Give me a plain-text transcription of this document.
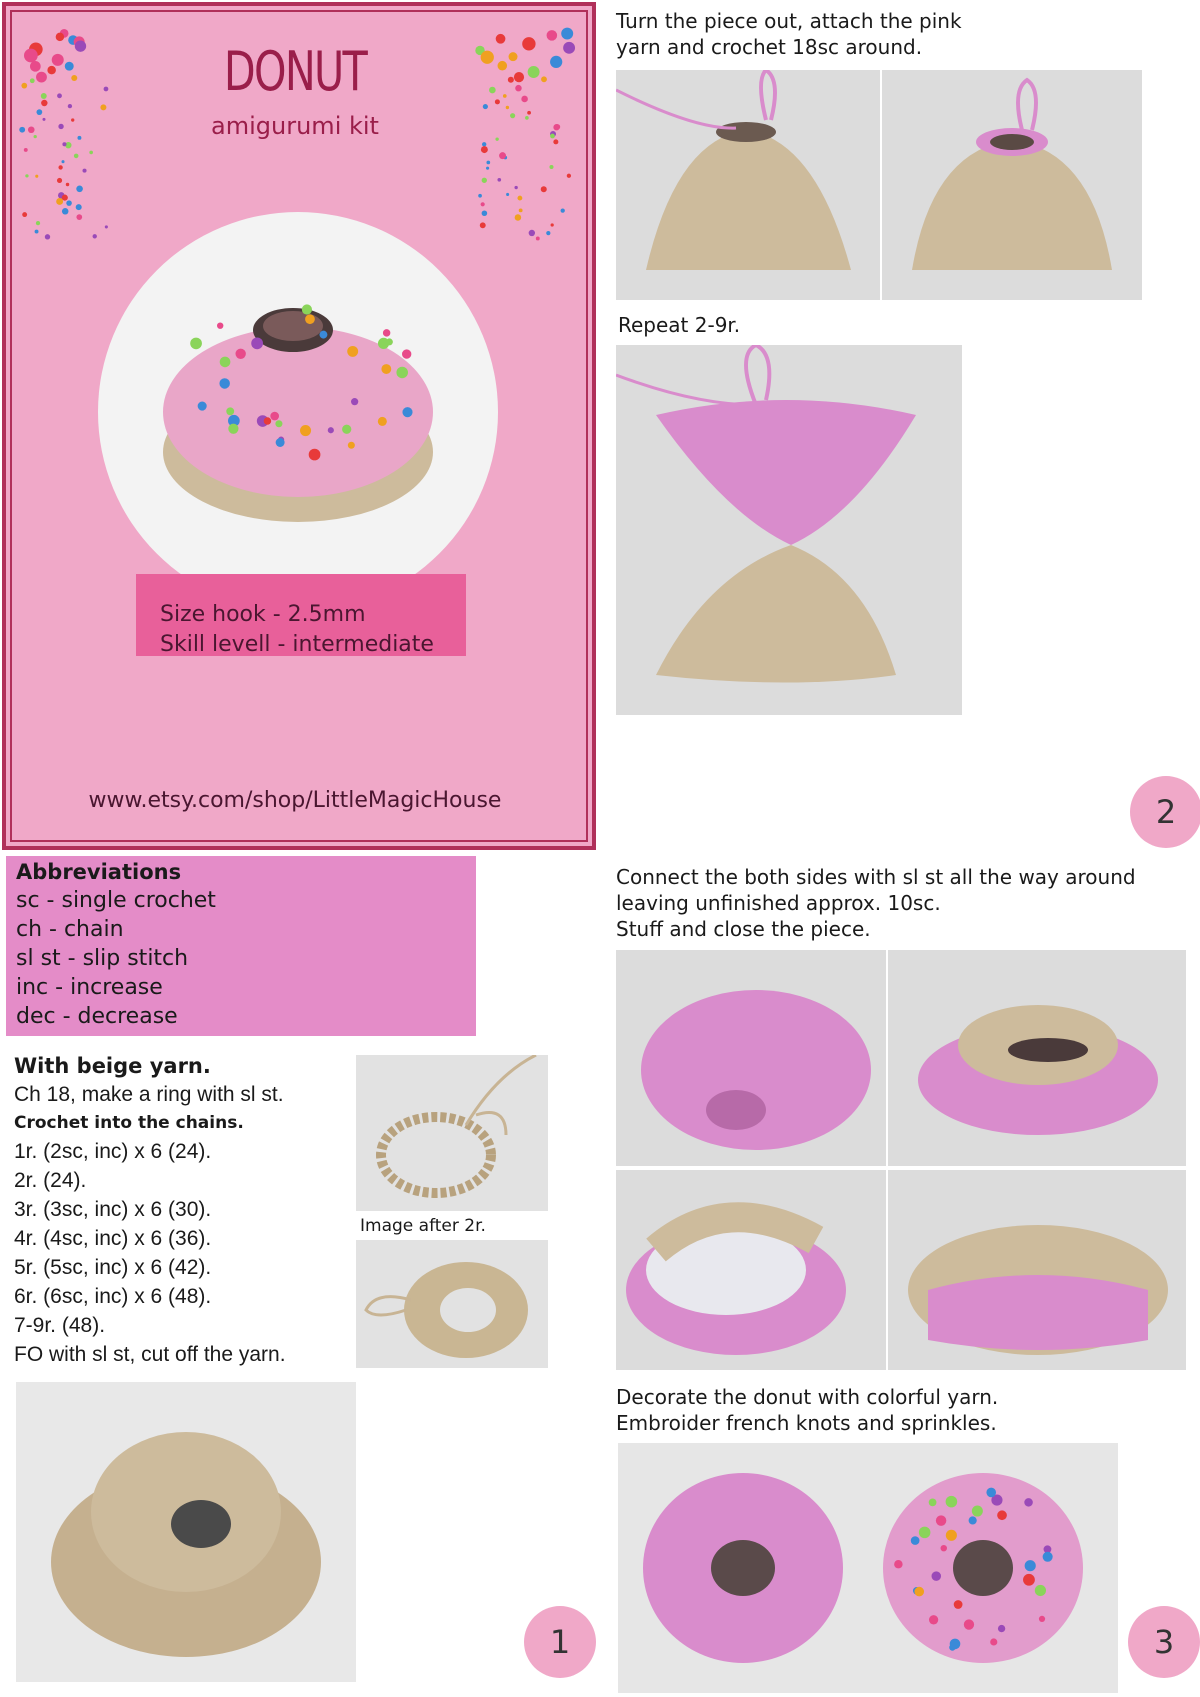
DONUT
amigurumi kit
Size hook - 2.5mm
Skill levell - intermediate
www.etsy.com/shop/LittleMagicHouse
Abbreviations
sc - single crochet
ch - chain
sl st - slip stitch
inc - increase
dec - decrease
With beige yarn.
Ch 18, make a ring with sl st.
Crochet into the chains.
1r. (2sc, inc) x 6 (24).
2r. (24).
3r. (3sc, inc) x 6 (30).
4r. (4sc, inc) x 6 (36).
5r. (5sc, inc) x 6 (42).
6r. (6sc, inc) x 6 (48).
7-9r. (48).
FO with sl st, cut off the yarn.
Image after 2r.
Turn the piece out, attach the pink
yarn and crochet 18sc around.
Repeat 2-9r.
2
Connect the both sides with sl st all the way around
leaving unfinished approx. 10sc.
Stuff and close the piece.
Decorate the donut with colorful yarn.
Embroider french knots and sprinkles.
1	3
